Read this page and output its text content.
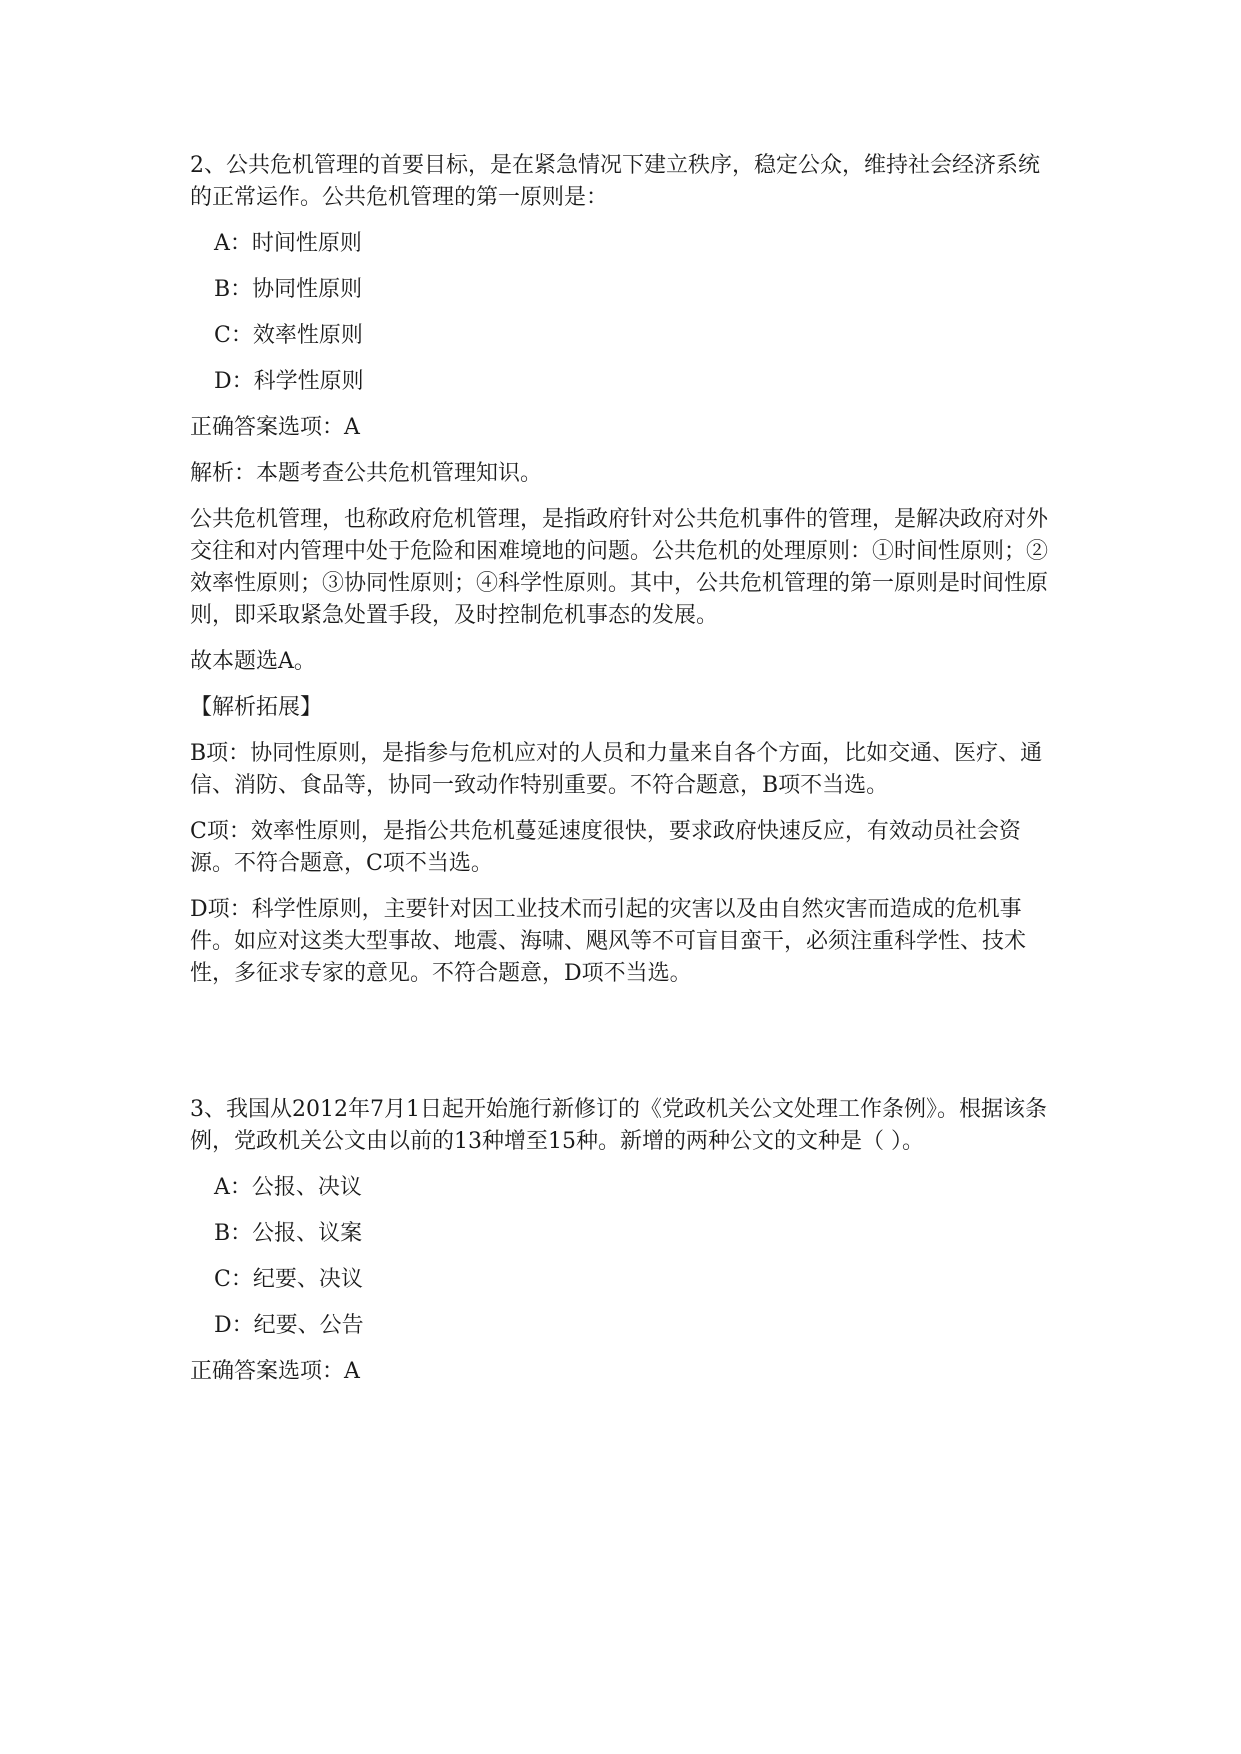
2、公共危机管理的首要目标，是在紧急情况下建立秩序，稳定公众，维持社会经济系统的正常运作。公共危机管理的第一原则是：

A：时间性原则

B：协同性原则

C：效率性原则

D：科学性原则

正确答案选项：A

解析：本题考查公共危机管理知识。

公共危机管理，也称政府危机管理，是指政府针对公共危机事件的管理，是解决政府对外交往和对内管理中处于危险和困难境地的问题。公共危机的处理原则：①时间性原则；②效率性原则；③协同性原则；④科学性原则。其中，公共危机管理的第一原则是时间性原则，即采取紧急处置手段，及时控制危机事态的发展。

故本题选A。

【解析拓展】

B项：协同性原则，是指参与危机应对的人员和力量来自各个方面，比如交通、医疗、通信、消防、食品等，协同一致动作特别重要。不符合题意，B项不当选。

C项：效率性原则，是指公共危机蔓延速度很快，要求政府快速反应，有效动员社会资源。不符合题意，C项不当选。

D项：科学性原则，主要针对因工业技术而引起的灾害以及由自然灾害而造成的危机事件。如应对这类大型事故、地震、海啸、飓风等不可盲目蛮干，必须注重科学性、技术性，多征求专家的意见。不符合题意，D项不当选。

3、我国从2012年7月1日起开始施行新修订的《党政机关公文处理工作条例》。根据该条例，党政机关公文由以前的13种增至15种。新增的两种公文的文种是（ ）。

A：公报、决议

B：公报、议案

C：纪要、决议

D：纪要、公告

正确答案选项：A
